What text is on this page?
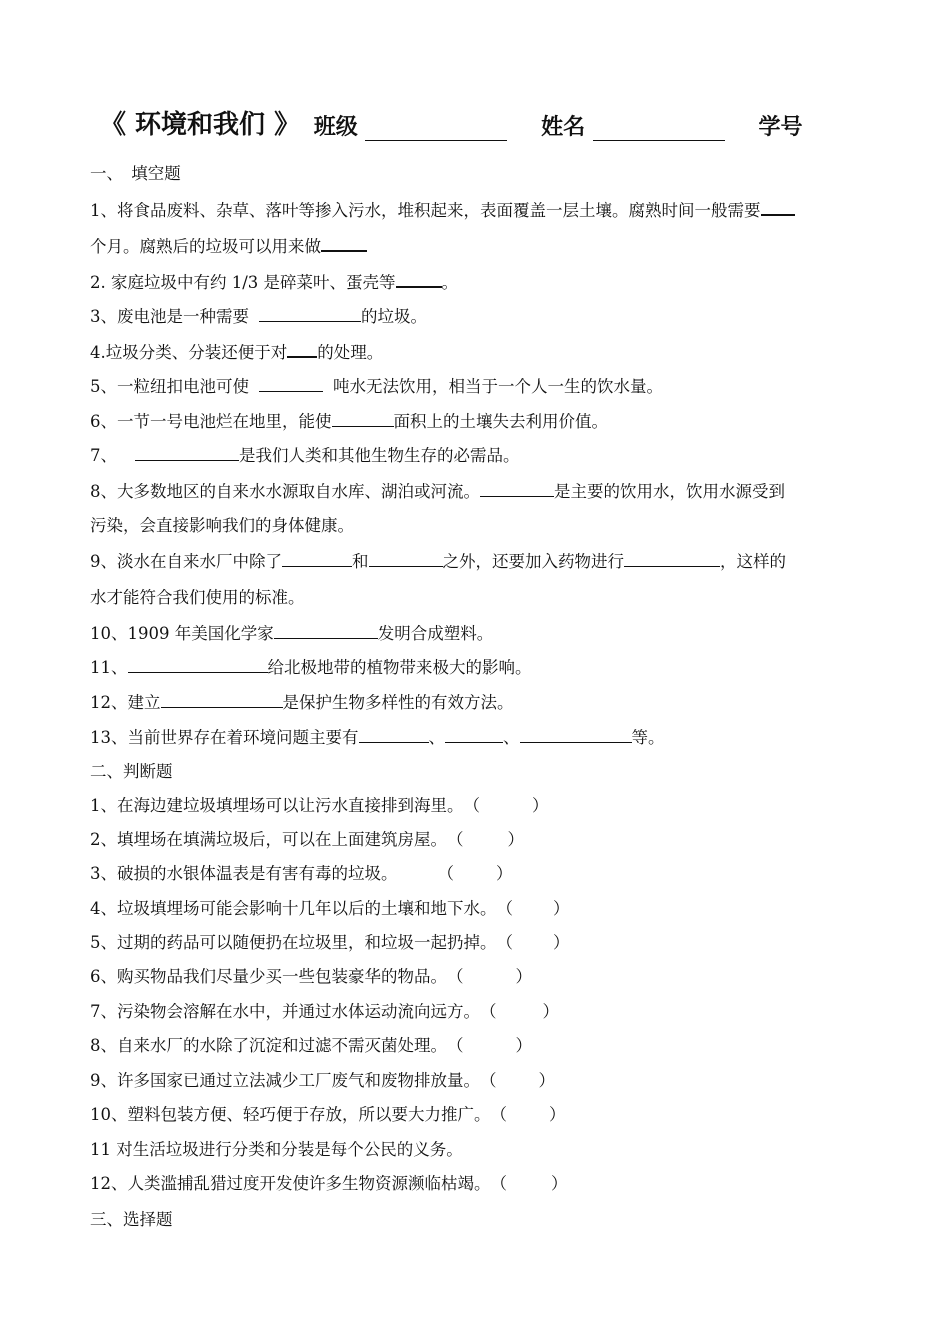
《 环境和我们 》 班级	姓名	学号
一、　填空题
1、将食品废料、杂草、落叶等掺入污水，堆积起来，表面覆盖一层土壤。腐熟时间一般需要
个月。腐熟后的垃圾可以用来做
2. 家庭垃圾中有约 1/3 是碎菜叶、蛋壳等	。
3、废电池是一种需要	的垃圾。
4.垃圾分类、分装还便于对 的处理。
5、一粒纽扣电池可使	吨水无法饮用，相当于一个人一生的饮水量。
6、一节一号电池烂在地里，能使	面积上的土壤失去利用价值。
7、	是我们人类和其他生物生存的必需品。
8、大多数地区的自来水水源取自水库、湖泊或河流。	是主要的饮用水，饮用水源受到
污染，会直接影响我们的身体健康。
9、淡水在自来水厂中除了	和	之外，还要加入药物进行	，这样的
水才能符合我们使用的标准。
10、1909 年美国化学家	发明合成塑料。
11、	给北极地带的植物带来极大的影响。
12、建立	是保护生物多样性的有效方法。
13、当前世界存在着环境问题主要有	、	、	等。
二、判断题
1、在海边建垃圾填埋场可以让污水直接排到海里。（	）
2、填埋场在填满垃圾后，可以在上面建筑房屋。（	）
3、破损的水银体温表是有害有毒的垃圾。 （	）
4、垃圾填埋场可能会影响十几年以后的土壤和地下水。（ ）
5、过期的药品可以随便扔在垃圾里，和垃圾一起扔掉。（ ）
6、购买物品我们尽量少买一些包装豪华的物品。（	）
7、污染物会溶解在水中，并通过水体运动流向远方。（	）
8、自来水厂的水除了沉淀和过滤不需灭菌处理。（	）
9、许多国家已通过立法减少工厂废气和废物排放量。（	）
10、塑料包装方便、轻巧便于存放，所以要大力推广。（	）
11 对生活垃圾进行分类和分装是每个公民的义务。
12、人类滥捕乱猎过度开发使许多生物资源濒临枯竭。（	）
三、选择题
